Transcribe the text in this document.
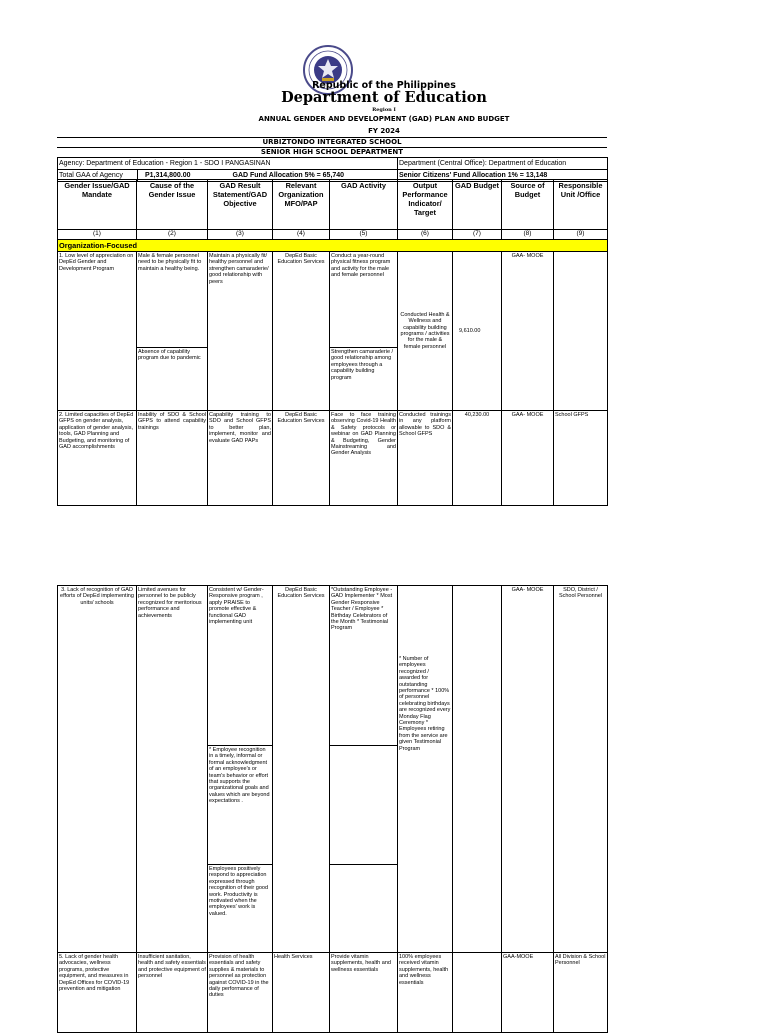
Republic of the Philippines
Department of Education
Region I
ANNUAL GENDER AND DEVELOPMENT (GAD) PLAN AND BUDGET
FY 2024
URBIZTONDO INTEGRATED SCHOOL
SENIOR HIGH SCHOOL DEPARTMENT
Agency: Department of Education - Region 1 - SDO I PANGASINAN		Department (Central Office): Department of Education
Total GAA of Agency	P1,314,800.00 GAD Fund Allocation 5% = 65,740	Senior Citizens' Fund Allocation 1% = 13,148
Gender Issue/GAD Mandate	Cause of the Gender Issue	GAD Result Statement/GAD Objective	Relevant Organization MFO/PAP	GAD Activity	Output Performance Indicator/ Target	GAD Budget	Source of Budget	Responsible Unit /Office
(1)	(2)	(3)	(4)	(5)	(6)	(7)	(8)	(9)
Organization-Focused								
1. Low level of appreciation on DepEd Gender and Development Program	Male & female personnel need to be physically fit to maintain a healthy being.	Maintain a physically fit/ healthy personnel and strengthen camaraderie/ good relationship with peers	DepEd Basic Education Services	Conduct a year-round physical fitness program and activity for the male and female personnel	Conducted Health & Wellness and capability building programs / activities for the male & female personnel	9,610.00	GAA- MOOE	
	Absence of capability program due to pandemic			Strengthen camaraderie / good relationship among employees through a capability building program				
2. Limited capacities of DepEd GFPS on gender analysis, application of gender analysis, tools, GAD Planning and Budgeting, and monitoring of GAD accomplishments	Inability of SDO & School GFPS to attend capability trainings	Capability training to SDO and School GFPS to better plan, implement, monitor and evaluate GAD PAPs	DepEd Basic Education Services	Face to face training observing Covid-19 Health & Safety protocols or webinar on GAD Planning & Budgeting, Gender Mainstreaming and Gender Analysis	Conducted trainings in any platform allowable to SDO & School GFPS	40,230.00	GAA- MOOE	School GFPS
3. Lack of recognition of GAD efforts of DepEd implementing units/ schools	Limited avenues for personnel to be publicly recognized for meritorious performance and achievements	Consistent w/ Gender-Responsive program , apply PRAISE to promote effective & functional GAD implementing unit	DepEd Basic Education Services	*Outstanding Employee - GAD Implementer * Most Gender Responsive Teacher / Employee * Birthday Celebrators of the Month * Testimonial Program	* Number of employees recognized / awarded for outstanding performance * 100% of personnel celebrating birthdays are recognized every Monday Flag Ceremony * Employees retiring from the service are given Testimonial Program		GAA- MOOE	SDO, District / School Personnel
		* Employee recognition in a timely, informal or formal acknowledgment of an employee's or team's behavior or effort that supports the organizational goals and values which are beyond expectations .						
		Employees positively respond to appreciation expressed through recognition of their good work. Productivity is motivated when the employees' work is valued.						
5. Lack of gender health advocacies, wellness programs, protective equipment, and measures in DepEd Offices for COVID-19 prevention and mitigation	Insufficient sanitation, health and safety essentials and protective equipment of personnel	Provision of health essentials and safety supplies & materials to personnel as protection against COVID-19 in the daily performance of duties	Health Services	Provide vitamin supplements, health and wellness essentials	100% employees received vitamin supplements, health and wellness essentials		GAA-MOOE	All Division & School Personnel
